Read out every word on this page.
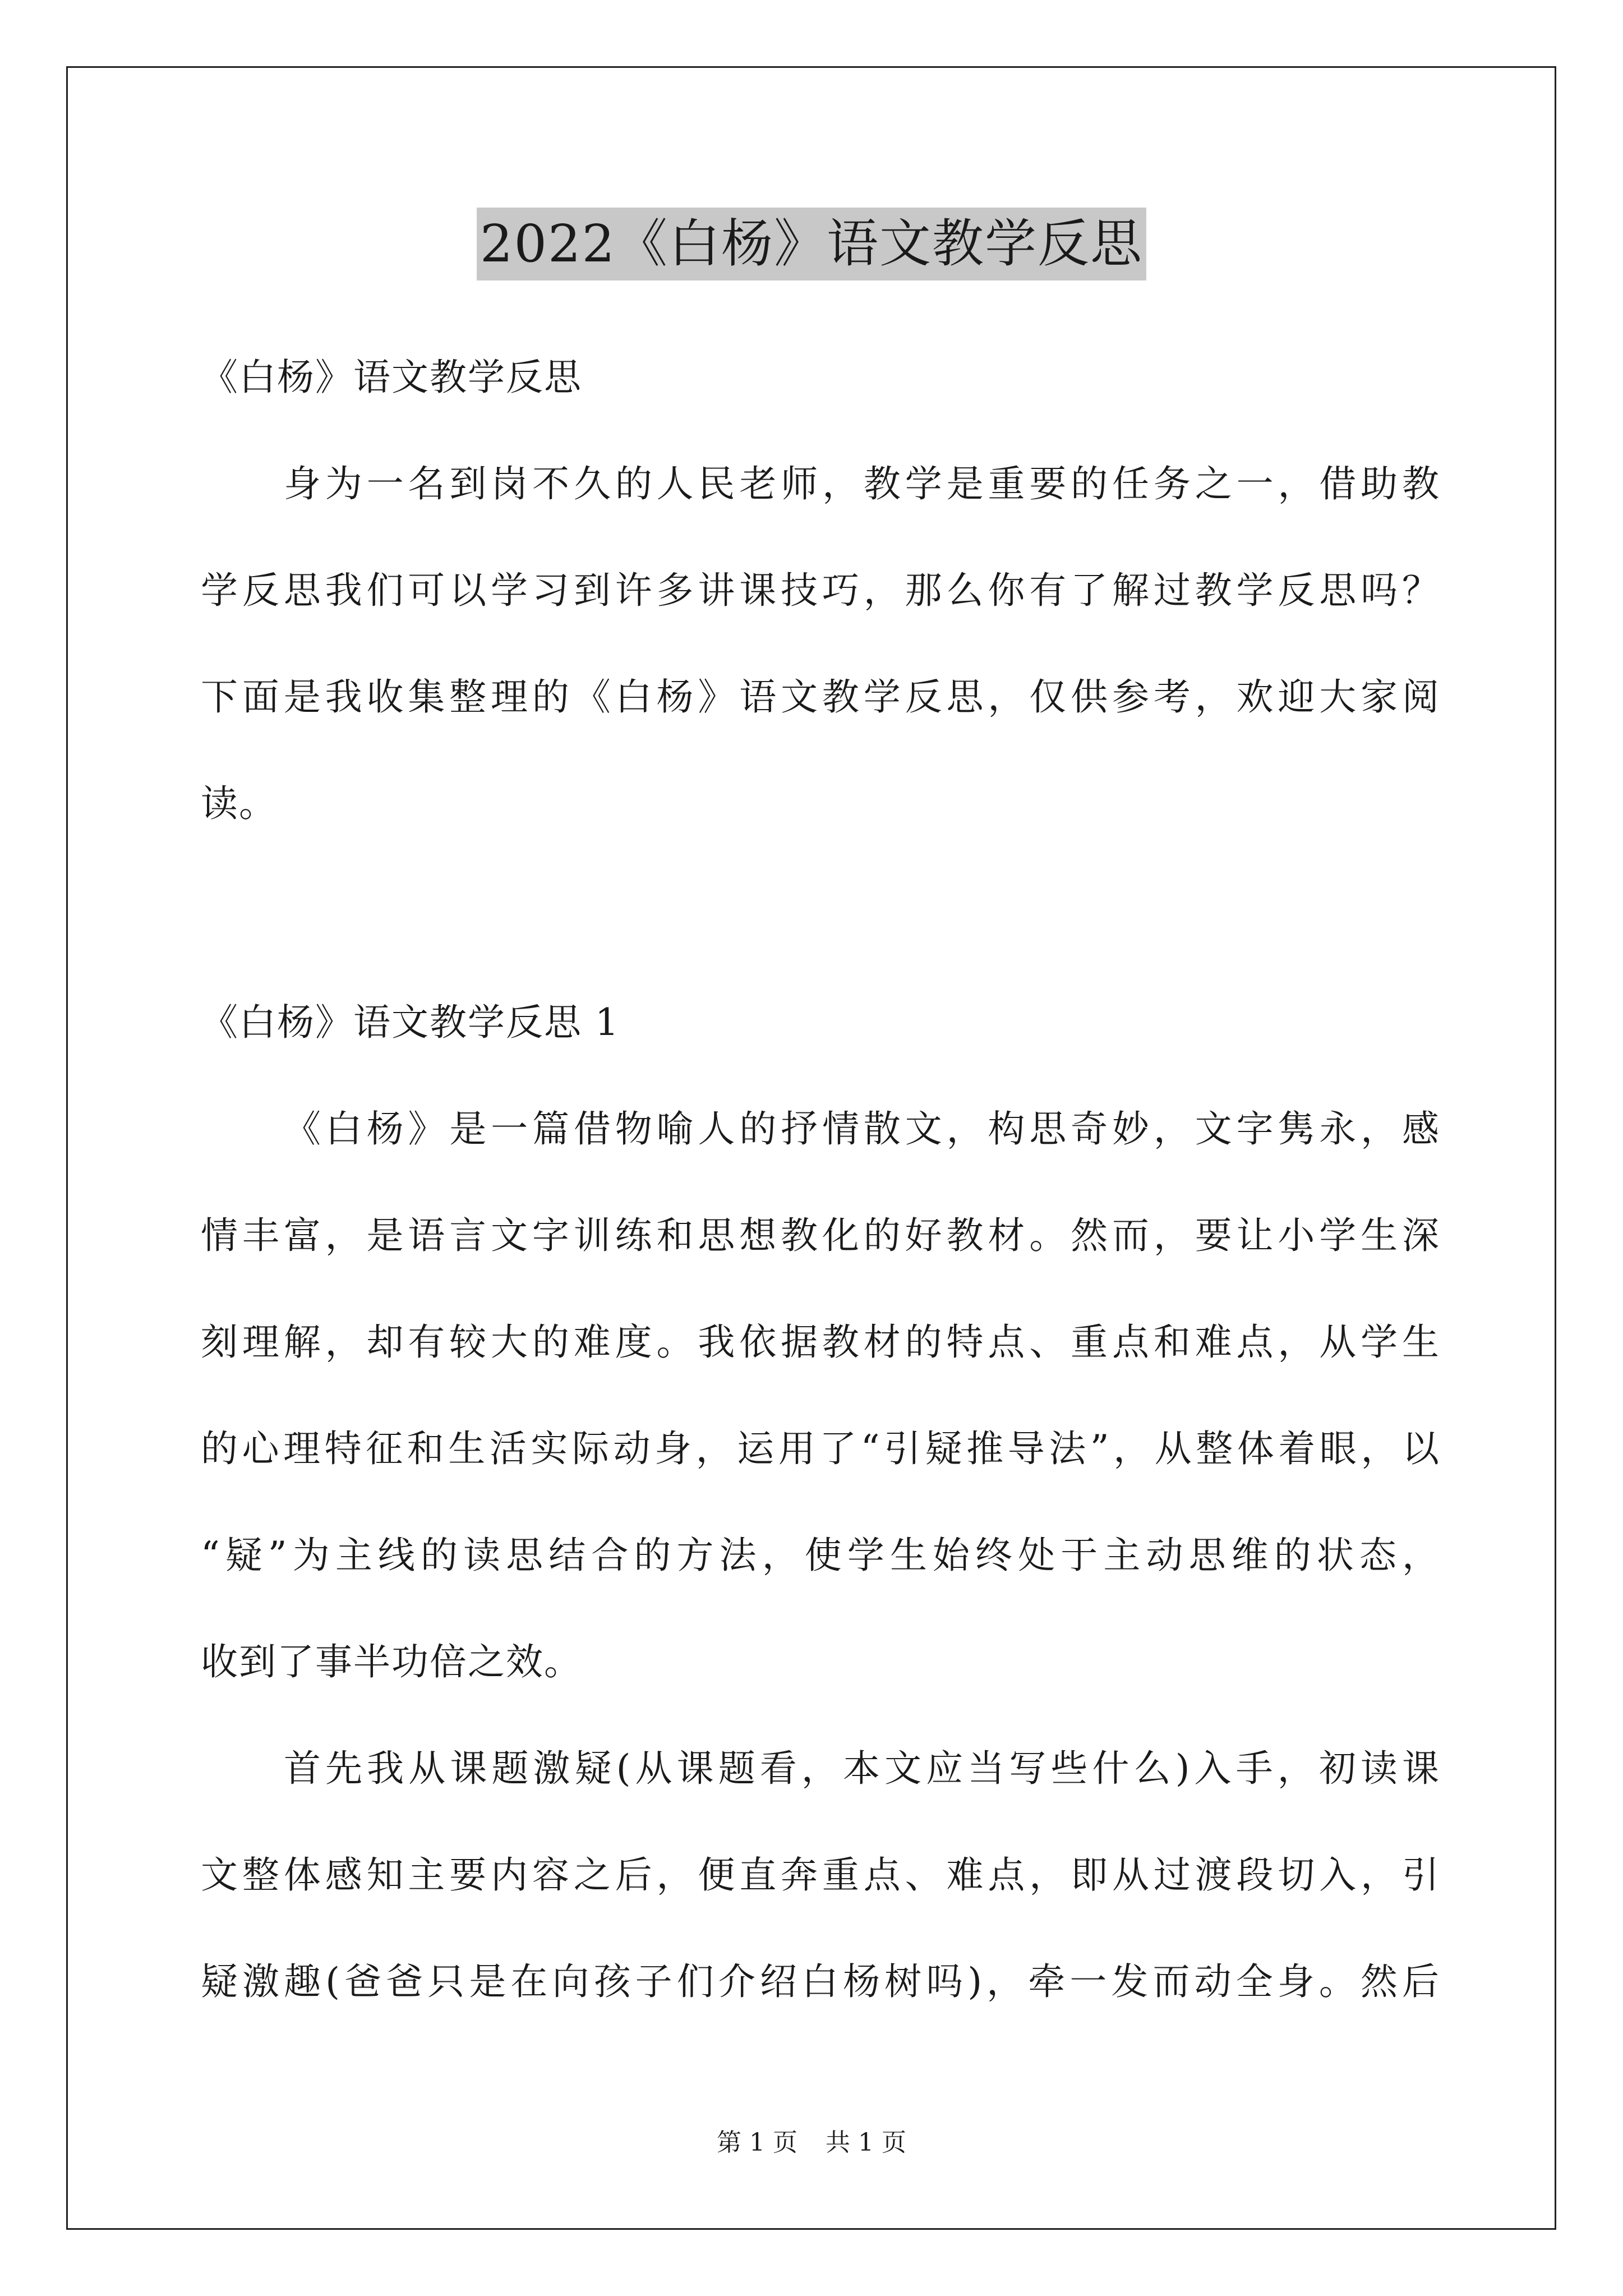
2022《白杨》语文教学反思
《白杨》语文教学反思
身为一名到岗不久的人民老师，教学是重要的任务之一，借助教
学反思我们可以学习到许多讲课技巧，那么你有了解过教学反思吗？
下面是我收集整理的《白杨》语文教学反思，仅供参考，欢迎大家阅
读。
《白杨》语文教学反思 1
《白杨》是一篇借物喻人的抒情散文，构思奇妙，文字隽永，感
情丰富，是语言文字训练和思想教化的好教材。然而，要让小学生深
刻理解，却有较大的难度。我依据教材的特点、重点和难点，从学生
的心理特征和生活实际动身，运用了“引疑推导法”，从整体着眼，以
“疑”为主线的读思结合的方法，使学生始终处于主动思维的状态，
收到了事半功倍之效。
首先我从课题激疑(从课题看，本文应当写些什么)入手，初读课
文整体感知主要内容之后，便直奔重点、难点，即从过渡段切入，引
疑激趣(爸爸只是在向孩子们介绍白杨树吗)，牵一发而动全身。然后
第 1 页 共 1 页
